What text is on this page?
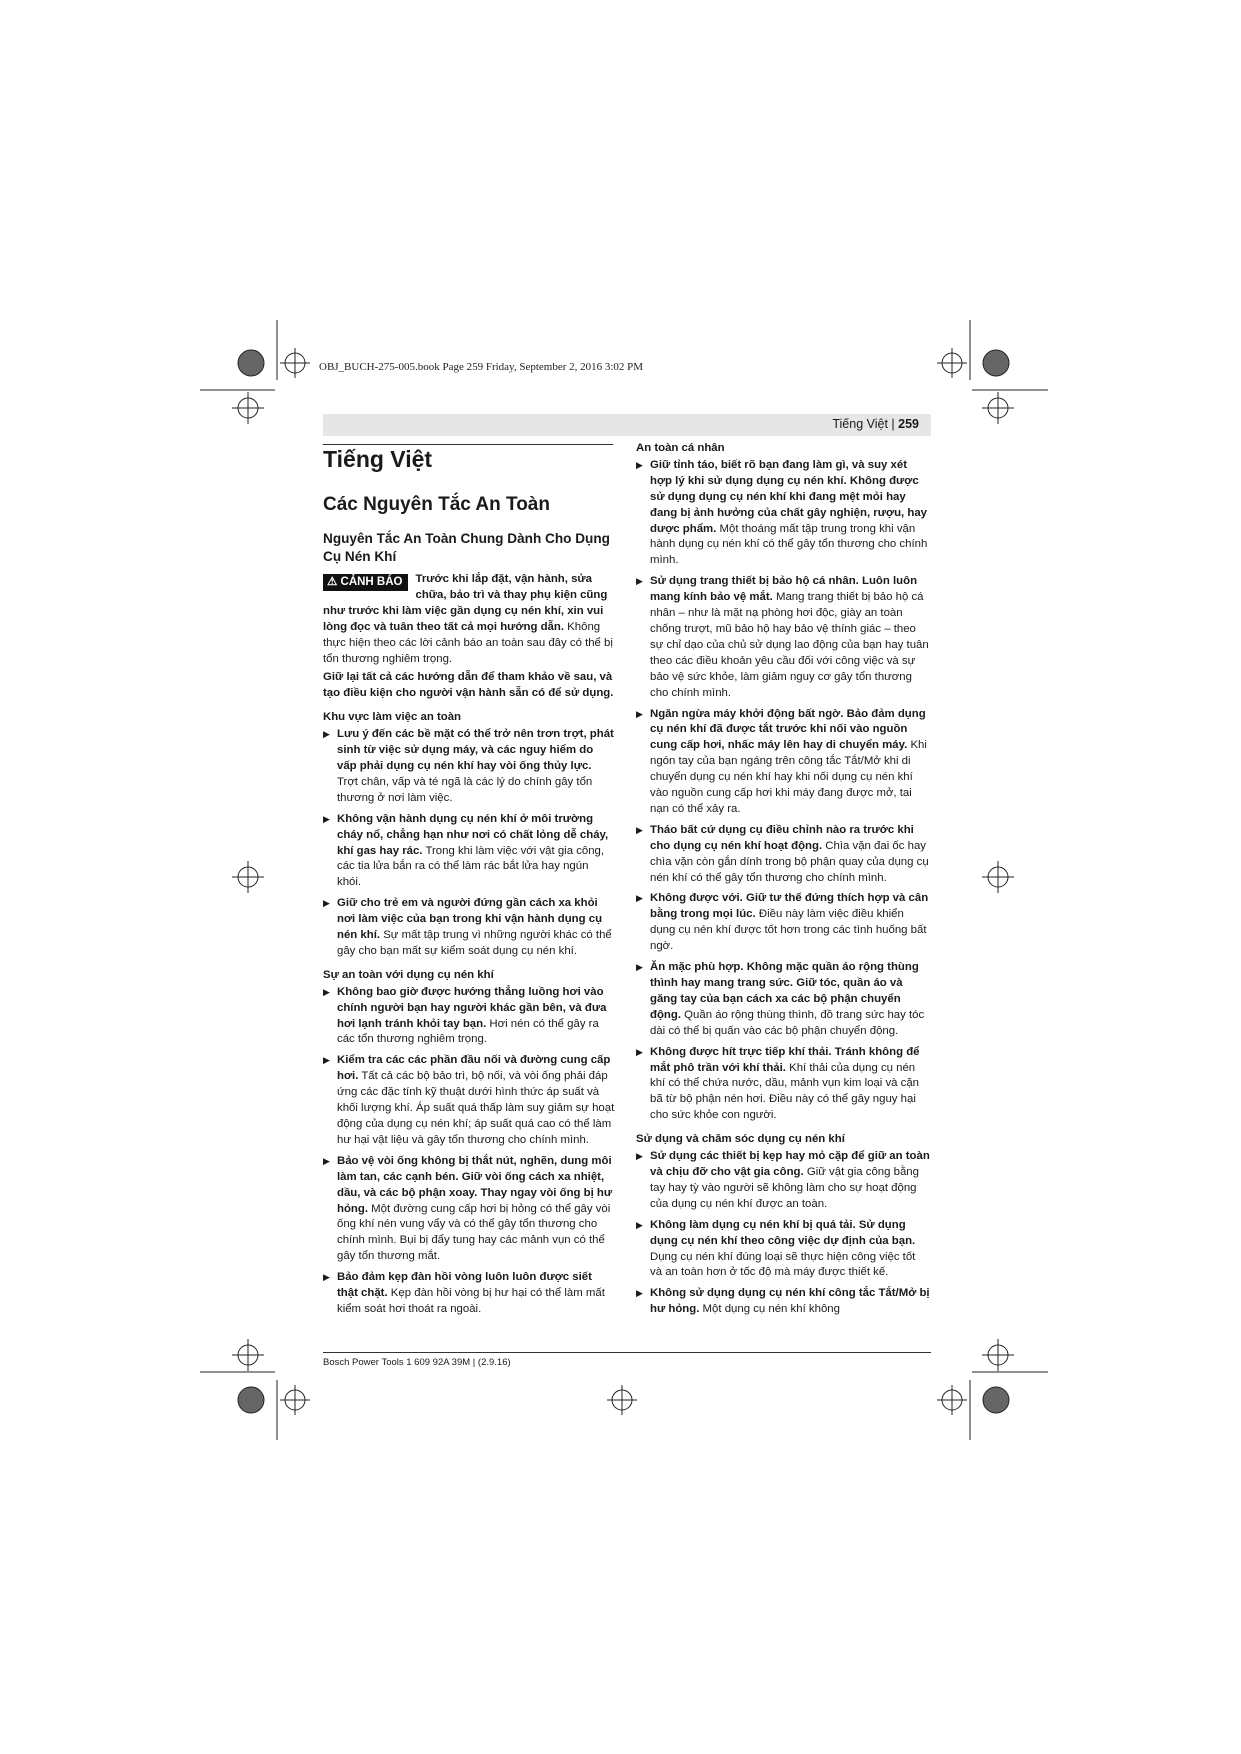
OBJ_BUCH-275-005.book Page 259 Friday, September 2, 2016 3:02 PM
Tiếng Việt | 259

Tiếng Việt

Các Nguyên Tắc An Toàn

Nguyên Tắc An Toàn Chung Dành Cho Dụng Cụ Nén Khí

⚠ CẢNH BÁO	Trước khi lắp đặt, vận hành, sửa chữa, bảo trì và thay phụ kiện cũng như trước khi làm việc gần dụng cụ nén khí, xin vui lòng đọc và tuân theo tất cả mọi hướng dẫn. Không thực hiện theo các lời cảnh báo an toàn sau đây có thể bị tổn thương nghiêm trọng.

Giữ lại tất cả các hướng dẫn để tham khảo về sau, và tạo điều kiện cho người vận hành sẵn có để sử dụng.

Khu vực làm việc an toàn

▶ Lưu ý đến các bề mặt có thể trở nên trơn trợt, phát sinh từ việc sử dụng máy, và các nguy hiểm do vấp phải dụng cụ nén khí hay vòi ống thủy lực. Trợt chân, vấp và té ngã là các lý do chính gây tổn thương ở nơi làm việc.
▶ Không vận hành dụng cụ nén khí ở môi trường cháy nổ, chẳng hạn như nơi có chất lỏng dễ cháy, khí gas hay rác. Trong khi làm việc với vật gia công, các tia lửa bắn ra có thể làm rác bắt lửa hay ngún khói.
▶ Giữ cho trẻ em và người đứng gần cách xa khỏi nơi làm việc của bạn trong khi vận hành dụng cụ nén khí. Sự mất tập trung vì những người khác có thể gây cho bạn mất sự kiểm soát dụng cụ nén khí.

Sự an toàn với dụng cụ nén khí

▶ Không bao giờ được hướng thẳng luồng hơi vào chính người bạn hay người khác gần bên, và đưa hơi lạnh tránh khỏi tay bạn. Hơi nén có thể gây ra các tổn thương nghiêm trọng.
▶ Kiểm tra các các phần đầu nối và đường cung cấp hơi. Tất cả các bộ bảo trì, bộ nối, và vòi ống phải đáp ứng các đặc tính kỹ thuật dưới hình thức áp suất và khối lượng khí. Áp suất quá thấp làm suy giảm sự hoạt động của dụng cụ nén khí; áp suất quá cao có thể làm hư hại vật liệu và gây tổn thương cho chính mình.
▶ Bảo vệ vòi ống không bị thắt nút, nghẽn, dung môi làm tan, các cạnh bén. Giữ vòi ống cách xa nhiệt, dầu, và các bộ phận xoay. Thay ngay vòi ống bị hư hỏng. Một đường cung cấp hơi bị hỏng có thể gây vòi ống khí nén vung vẩy và có thể gây tổn thương cho chính mình. Bụi bị đẩy tung hay các mảnh vụn có thể gây tổn thương mắt.
▶ Bảo đảm kẹp đàn hồi vòng luôn luôn được siết thật chặt. Kẹp đàn hồi vòng bị hư hại có thể làm mất kiểm soát hơi thoát ra ngoài.

An toàn cá nhân

▶ Giữ tỉnh táo, biết rõ bạn đang làm gì, và suy xét hợp lý khi sử dụng dụng cụ nén khí. Không được sử dụng dụng cụ nén khí khi đang mệt mỏi hay đang bị ảnh hưởng của chất gây nghiện, rượu, hay dược phẩm. Một thoáng mất tập trung trong khi vận hành dụng cụ nén khí có thể gây tổn thương cho chính mình.
▶ Sử dụng trang thiết bị bảo hộ cá nhân. Luôn luôn mang kính bảo vệ mắt. Mang trang thiết bị bảo hộ cá nhân – như là mặt nạ phòng hơi độc, giày an toàn chống trượt, mũ bảo hộ hay bảo vệ thính giác – theo sự chỉ dạo của chủ sử dụng lao động của bạn hay tuân theo các điều khoản yêu cầu đối với công việc và sự bảo vệ sức khỏe, làm giảm nguy cơ gây tổn thương cho chính mình.
▶ Ngăn ngừa máy khởi động bất ngờ. Bảo đảm dụng cụ nén khí đã được tắt trước khi nối vào nguồn cung cấp hơi, nhấc máy lên hay di chuyển máy. Khi ngón tay của bạn ngáng trên công tắc Tắt/Mở khi di chuyển dụng cụ nén khí hay khi nối dụng cụ nén khí vào nguồn cung cấp hơi khi máy đang được mở, tai nạn có thể xảy ra.
▶ Tháo bất cứ dụng cụ điều chỉnh nào ra trước khi cho dụng cụ nén khí hoạt động. Chìa vặn đai ốc hay chìa vặn còn gắn dính trong bộ phận quay của dụng cụ nén khí có thể gây tổn thương cho chính mình.
▶ Không được với. Giữ tư thế đứng thích hợp và cân bằng trong mọi lúc. Điều này làm việc điều khiển dụng cụ nén khí được tốt hơn trong các tình huống bất ngờ.
▶ Ăn mặc phù hợp. Không mặc quần áo rộng thùng thình hay mang trang sức. Giữ tóc, quần áo và găng tay của bạn cách xa các bộ phận chuyển động. Quần áo rộng thùng thình, đồ trang sức hay tóc dài có thể bị quấn vào các bộ phận chuyển động.
▶ Không được hít trực tiếp khí thải. Tránh không để mắt phô trần với khí thải. Khí thải của dụng cụ nén khí có thể chứa nước, dầu, mảnh vụn kim loại và cặn bã từ bộ phận nén hơi. Điều này có thể gây nguy hại cho sức khỏe con người.

Sử dụng và chăm sóc dụng cụ nén khí

▶ Sử dụng các thiết bị kẹp hay mỏ cặp để giữ an toàn và chịu đỡ cho vật gia công. Giữ vật gia công bằng tay hay tỳ vào người sẽ không làm cho sự hoạt động của dụng cụ nén khí được an toàn.
▶ Không làm dụng cụ nén khí bị quá tải. Sử dụng dụng cụ nén khí theo công việc dự định của bạn. Dụng cụ nén khí đúng loại sẽ thực hiện công việc tốt và an toàn hơn ở tốc độ mà máy được thiết kế.
▶ Không sử dụng dụng cụ nén khí công tắc Tắt/Mở bị hư hỏng. Một dụng cụ nén khí không
Bosch Power Tools 1 609 92A 39M | (2.9.16)
